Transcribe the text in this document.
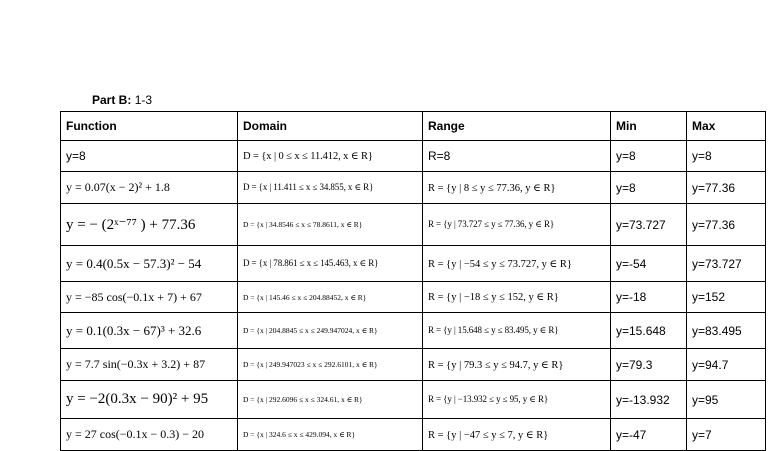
Part B: 1-3
Function	Domain	Range	Min	Max
y=8	D = {x | 0 ≤ x ≤ 11.412, x ∈ R}	R=8	y=8	y=8
y = 0.07(x − 2)² + 1.8	D = {x | 11.411 ≤ x ≤ 34.855, x ∈ R}	R = {y | 8 ≤ y ≤ 77.36, y ∈ R}	y=8	y=77.36
y = − (2ˣ⁻⁷⁷ ) + 77.36	D = {x | 34.8546 ≤ x ≤ 78.8611, x ∈ R}	R = {y | 73.727 ≤ y ≤ 77.36, y ∈ R}	y=73.727	y=77.36
y = 0.4(0.5x − 57.3)² − 54	D = {x | 78.861 ≤ x ≤ 145.463, x ∈ R}	R = {y | −54 ≤ y ≤ 73.727, y ∈ R}	y=-54	y=73.727
y = −85 cos(−0.1x + 7) + 67	D = {x | 145.46 ≤ x ≤ 204.88452, x ∈ R}	R = {y | −18 ≤ y ≤ 152, y ∈ R}	y=-18	y=152
y = 0.1(0.3x − 67)³ + 32.6	D = {x | 204.8845 ≤ x ≤ 249.947024, x ∈ R}	R = {y | 15.648 ≤ y ≤ 83.495, y ∈ R}	y=15.648	y=83.495
y = 7.7 sin(−0.3x + 3.2) + 87	D = {x | 249.947023 ≤ x ≤ 292.6101, x ∈ R}	R = {y | 79.3 ≤ y ≤ 94.7, y ∈ R}	y=79.3	y=94.7
y = −2(0.3x − 90)² + 95	D = {x | 292.6096 ≤ x ≤ 324.61, x ∈ R}	R = {y | −13.932 ≤ y ≤ 95, y ∈ R}	y=-13.932	y=95
y = 27 cos(−0.1x − 0.3) − 20	D = {x | 324.6 ≤ x ≤ 429.094, x ∈ R}	R = {y | −47 ≤ y ≤ 7, y ∈ R}	y=-47	y=7
